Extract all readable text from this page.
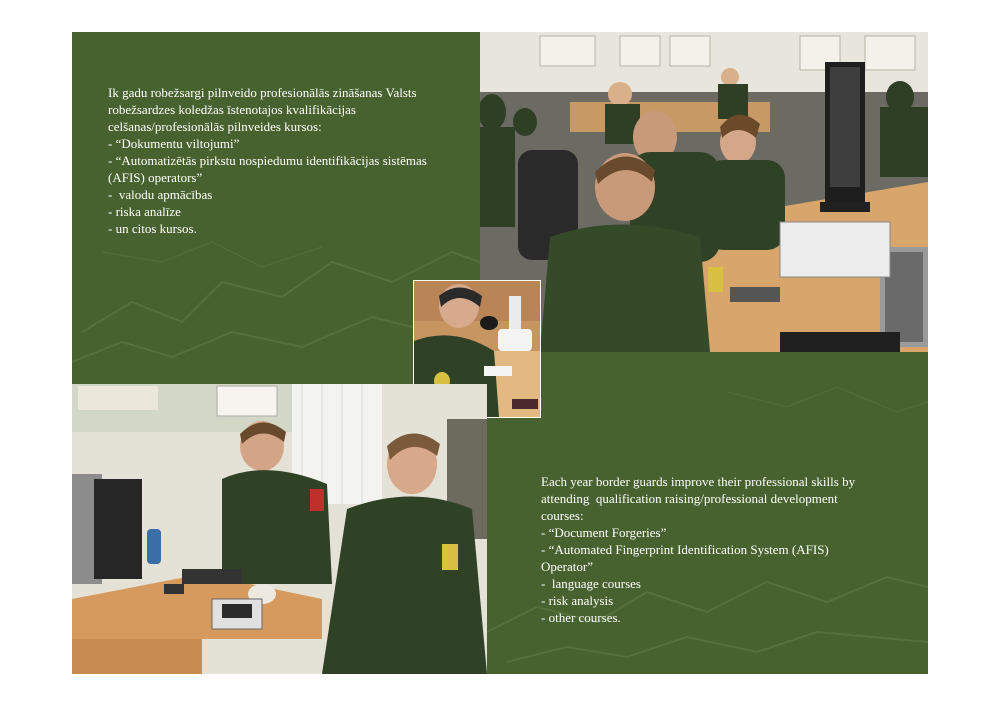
Ik gadu robežsargi pilnveido profesionālās zināšanas Valsts
robežsardzes koledžas īstenotajos kvalifikācijas
celšanas/profesionālās pilnveides kursos:
- “Dokumentu viltojumi”
- “Automatizētās pirkstu nospiedumu identifikācijas sistēmas
(AFIS) operators”
-  valodu apmācības
- riska analīze
- un citos kursos.
Each year border guards improve their professional skills by
attending  qualification raising/professional development
courses:
- “Document Forgeries”
- “Automated Fingerprint Identification System (AFIS)
Operator”
-  language courses
- risk analysis
- other courses.
